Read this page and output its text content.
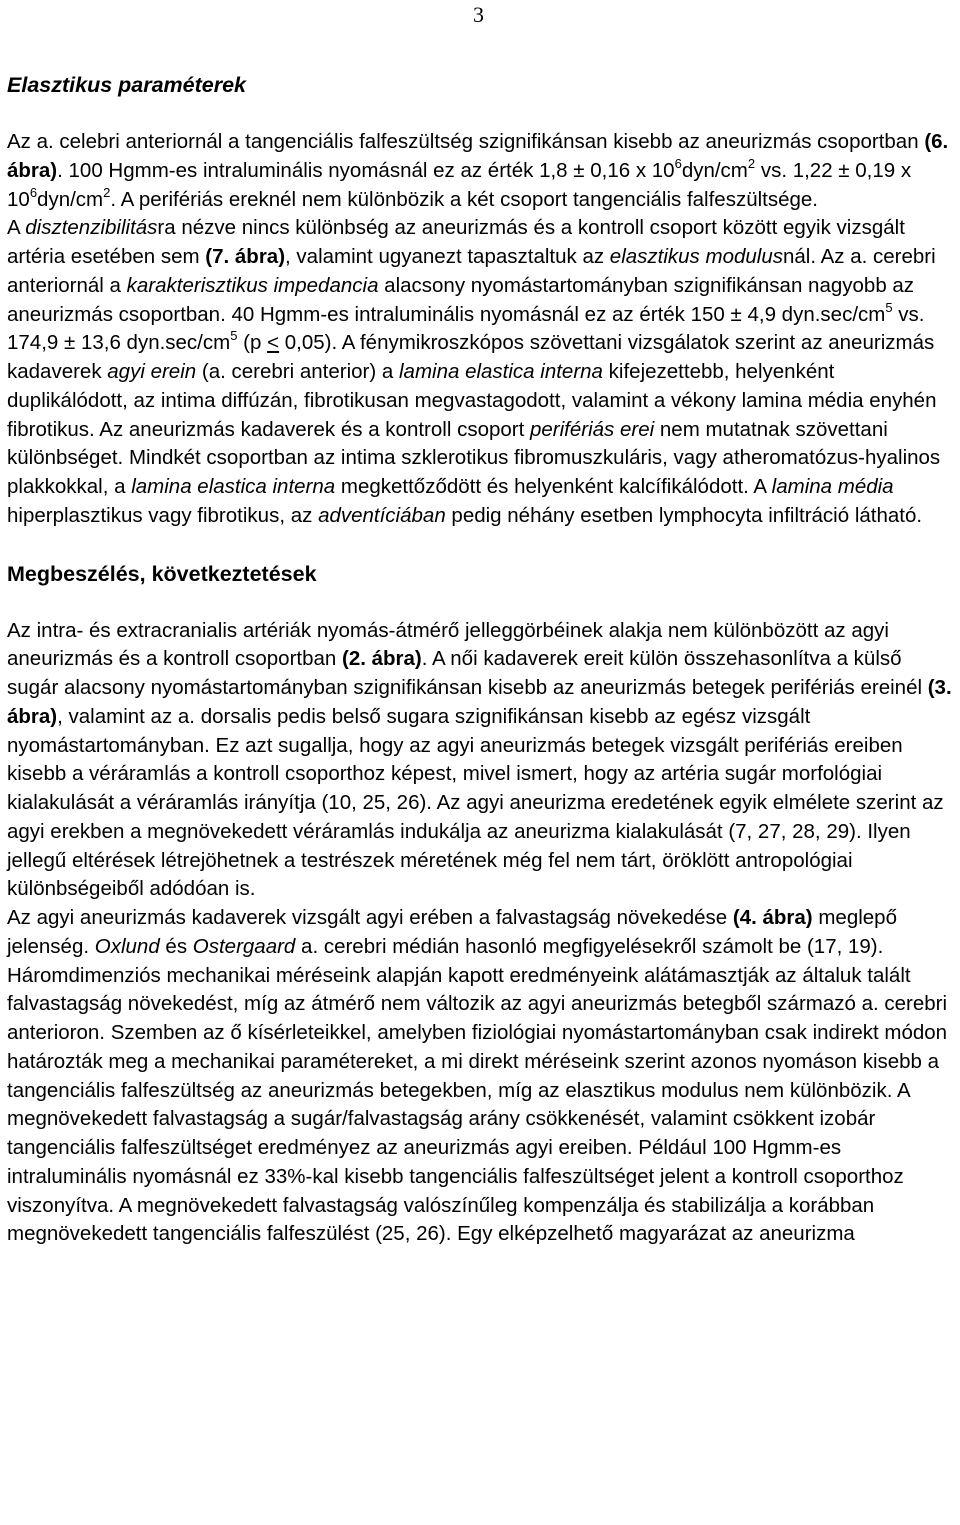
3
Elasztikus paraméterek

Az a. celebri anteriornál a tangenciális falfeszültség szignifikánsan kisebb az aneurizmás csoportban (6. ábra). 100 Hgmm-es intraluminális nyomásnál ez az érték 1,8 ± 0,16 x $10^6dyn/cm^2$ vs. 1,22 ± 0,19 x $10^6dyn/cm^2$. A perifériás ereknél nem különbözik a két csoport tangenciális falfeszültsége.

A disztenzibilitásra nézve nincs különbség az aneurizmás és a kontroll csoport között egyik vizsgált artéria esetében sem (7. ábra), valamint ugyanezt tapasztaltuk az elasztikus modulusnál. Az a. cerebri anteriornál a karakterisztikus impedancia alacsony nyomástartományban szignifikánsan nagyobb az aneurizmás csoportban. 40 Hgmm-es intraluminális nyomásnál ez az érték 150 ± 4,9 $dyn.\sec/cm^5$ vs. 174,9 ± 13,6 $dyn.\sec/cm^5$ (p < 0,05). A fénymikroszkópos szövettani vizsgálatok szerint az aneurizmás kadaverek agyi erein (a. cerebri anterior) a lamina elastica interna kifejezettebb, helyenként duplikálódott, az intima diffúzán, fibrotikusan megvastagodott, valamint a vékony lamina média enyhén fibrotikus. Az aneurizmás kadaverek és a kontroll csoport perifériás erei nem mutatnak szövettani különbséget. Mindkét csoportban az intima szklerotikus fibromuszkuláris, vagy atheromatózus-hyalinos plakkokkal, a lamina elastica interna megkettőződött és helyenként kalcífikálódott. A lamina média hiperplasztikus vagy fibrotikus, az adventíciában pedig néhány esetben lymphocyta infiltráció látható.

Megbeszélés, következtetések

Az intra- és extracranialis artériák nyomás-átmérő jelleggörbéinek alakja nem különbözött az agyi aneurizmás és a kontroll csoportban (2. ábra). A női kadaverek ereit külön összehasonlítva a külső sugár alacsony nyomástartományban szignifikánsan kisebb az aneurizmás betegek perifériás ereinél (3. ábra), valamint az a. dorsalis pedis belső sugara szignifikánsan kisebb az egész vizsgált nyomástartományban. Ez azt sugallja, hogy az agyi aneurizmás betegek vizsgált perifériás ereiben kisebb a véráramlás a kontroll csoporthoz képest, mivel ismert, hogy az artéria sugár morfológiai kialakulását a véráramlás irányítja (10, 25, 26). Az agyi aneurizma eredetének egyik elmélete szerint az agyi erekben a megnövekedett véráramlás indukálja az aneurizma kialakulását (7, 27, 28, 29). Ilyen jellegű eltérések létrejöhetnek a testrészek méretének még fel nem tárt, öröklött antropológiai különbségeiből adódóan is.

Az agyi aneurizmás kadaverek vizsgált agyi erében a falvastagság növekedése (4. ábra) meglepő jelenség. Oxlund és Ostergaard a. cerebri médián hasonló megfigyelésekről számolt be (17, 19). Háromdimenziós mechanikai méréseink alapján kapott eredményeink alátámasztják az általuk talált falvastagság növekedést, míg az átmérő nem változik az agyi aneurizmás betegből származó a. cerebri anterioron. Szemben az ő kísérleteikkel, amelyben fiziológiai nyomástartományban csak indirekt módon határozták meg a mechanikai paramétereket, a mi direkt méréseink szerint azonos nyomáson kisebb a tangenciális falfeszültség az aneurizmás betegekben, míg az elasztikus modulus nem különbözik. A megnövekedett falvastagság a sugár/falvastagság arány csökkenését, valamint csökkent izobár tangenciális falfeszültséget eredményez az aneurizmás agyi ereiben. Például 100 Hgmm-es intraluminális nyomásnál ez 33%-kal kisebb tangenciális falfeszültséget jelent a kontroll csoporthoz viszonyítva. A megnövekedett falvastagság valószínűleg kompenzálja és stabilizálja a korábban megnövekedett tangenciális falfeszülést (25, 26). Egy elképzelhető magyarázat az aneurizma
